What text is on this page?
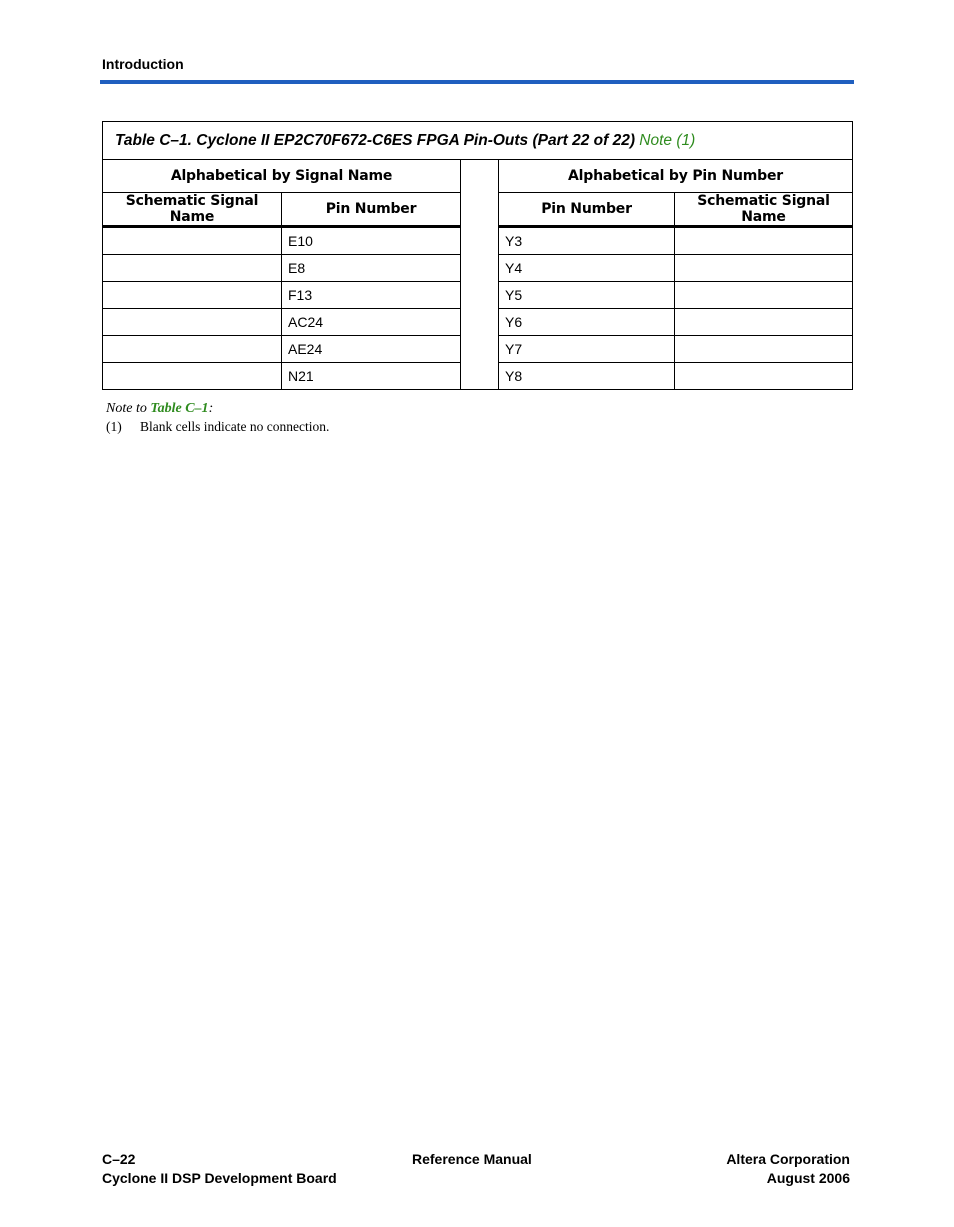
Introduction
Table C–1. Cyclone II EP2C70F672-C6ES FPGA Pin-Outs (Part 22 of 22) Note (1)				
Alphabetical by Signal Name			Alphabetical by Pin Number	
Schematic Signal Name	Pin Number		Pin Number	Schematic Signal Name
	E10		Y3	
	E8		Y4	
	F13		Y5	
	AC24		Y6	
	AE24		Y7	
	N21		Y8	
Note to Table C–1:
(1) Blank cells indicate no connection.
C–22
Cyclone II DSP Development Board
Reference Manual	Altera Corporation
August 2006
